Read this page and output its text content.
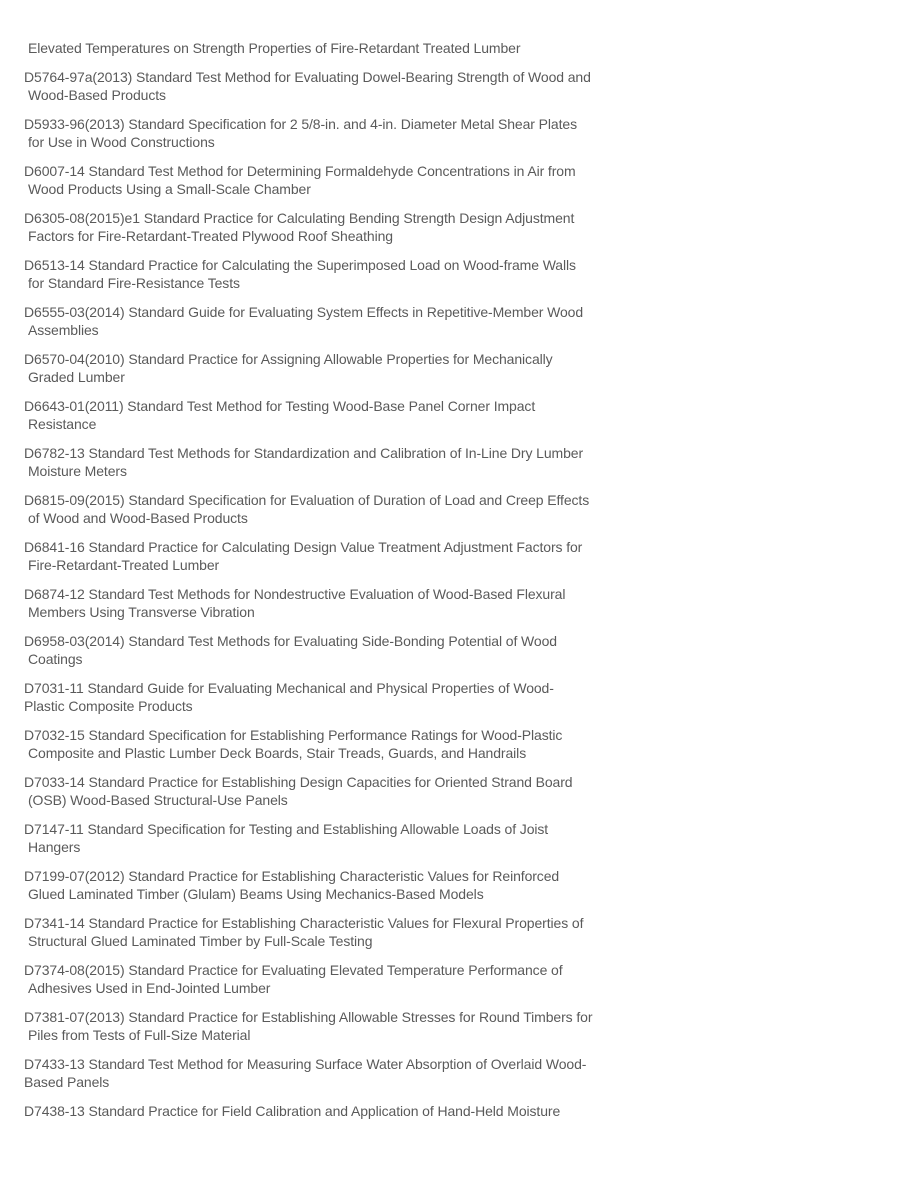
Elevated Temperatures on Strength Properties of Fire-Retardant Treated Lumber
D5764-97a(2013) Standard Test Method for Evaluating Dowel-Bearing Strength of Wood and
Wood-Based Products
D5933-96(2013) Standard Specification for 2 5/8-in. and 4-in. Diameter Metal Shear Plates
for Use in Wood Constructions
D6007-14 Standard Test Method for Determining Formaldehyde Concentrations in Air from
Wood Products Using a Small-Scale Chamber
D6305-08(2015)e1 Standard Practice for Calculating Bending Strength Design Adjustment
Factors for Fire-Retardant-Treated Plywood Roof Sheathing
D6513-14 Standard Practice for Calculating the Superimposed Load on Wood-frame Walls
for Standard Fire-Resistance Tests
D6555-03(2014) Standard Guide for Evaluating System Effects in Repetitive-Member Wood
Assemblies
D6570-04(2010) Standard Practice for Assigning Allowable Properties for Mechanically
Graded Lumber
D6643-01(2011) Standard Test Method for Testing Wood-Base Panel Corner Impact
Resistance
D6782-13 Standard Test Methods for Standardization and Calibration of In-Line Dry Lumber
Moisture Meters
D6815-09(2015) Standard Specification for Evaluation of Duration of Load and Creep Effects
of Wood and Wood-Based Products
D6841-16 Standard Practice for Calculating Design Value Treatment Adjustment Factors for
Fire-Retardant-Treated Lumber
D6874-12 Standard Test Methods for Nondestructive Evaluation of Wood-Based Flexural
Members Using Transverse Vibration
D6958-03(2014) Standard Test Methods for Evaluating Side-Bonding Potential of Wood
Coatings
D7031-11 Standard Guide for Evaluating Mechanical and Physical Properties of Wood-
Plastic Composite Products
D7032-15 Standard Specification for Establishing Performance Ratings for Wood-Plastic
Composite and Plastic Lumber Deck Boards, Stair Treads, Guards, and Handrails
D7033-14 Standard Practice for Establishing Design Capacities for Oriented Strand Board
(OSB) Wood-Based Structural-Use Panels
D7147-11 Standard Specification for Testing and Establishing Allowable Loads of Joist
Hangers
D7199-07(2012) Standard Practice for Establishing Characteristic Values for Reinforced
Glued Laminated Timber (Glulam) Beams Using Mechanics-Based Models
D7341-14 Standard Practice for Establishing Characteristic Values for Flexural Properties of
Structural Glued Laminated Timber by Full-Scale Testing
D7374-08(2015) Standard Practice for Evaluating Elevated Temperature Performance of
Adhesives Used in End-Jointed Lumber
D7381-07(2013) Standard Practice for Establishing Allowable Stresses for Round Timbers for
Piles from Tests of Full-Size Material
D7433-13 Standard Test Method for Measuring Surface Water Absorption of Overlaid Wood-
Based Panels
D7438-13 Standard Practice for Field Calibration and Application of Hand-Held Moisture
